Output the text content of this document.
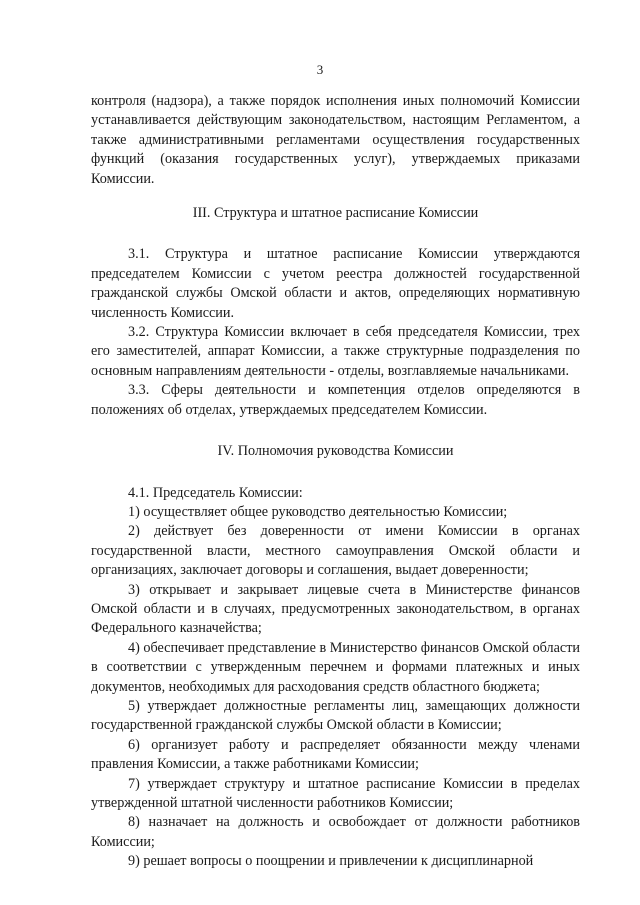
3

контроля (надзора), а также порядок исполнения иных полномочий Комиссии устанавливается действующим законодательством, настоящим Регламентом, а также административными регламентами осуществления государственных функций (оказания государственных услуг), утверждаемых приказами Комиссии.

III. Структура и штатное расписание Комиссии

3.1. Структура и штатное расписание Комиссии утверждаются председателем Комиссии с учетом реестра должностей государственной гражданской службы Омской области и актов, определяющих нормативную численность Комиссии.

3.2. Структура Комиссии включает в себя председателя Комиссии, трех его заместителей, аппарат Комиссии, а также структурные подразделения по основным направлениям деятельности - отделы, возглавляемые начальниками.

3.3. Сферы деятельности и компетенция отделов определяются в положениях об отделах, утверждаемых председателем Комиссии.

IV. Полномочия руководства Комиссии

4.1. Председатель Комиссии:

1) осуществляет общее руководство деятельностью Комиссии;

2) действует без доверенности от имени Комиссии в органах государственной власти, местного самоуправления Омской области и организациях, заключает договоры и соглашения, выдает доверенности;

3) открывает и закрывает лицевые счета в Министерстве финансов Омской области и в случаях, предусмотренных законодательством, в органах Федерального казначейства;

4) обеспечивает представление в Министерство финансов Омской области в соответствии с утвержденным перечнем и формами платежных и иных документов, необходимых для расходования средств областного бюджета;

5) утверждает должностные регламенты лиц, замещающих должности государственной гражданской службы Омской области в Комиссии;

6) организует работу и распределяет обязанности между членами правления Комиссии, а также работниками Комиссии;

7) утверждает структуру и штатное расписание Комиссии в пределах утвержденной штатной численности работников Комиссии;

8) назначает на должность и освобождает от должности работников Комиссии;

9) решает вопросы о поощрении и привлечении к дисциплинарной
